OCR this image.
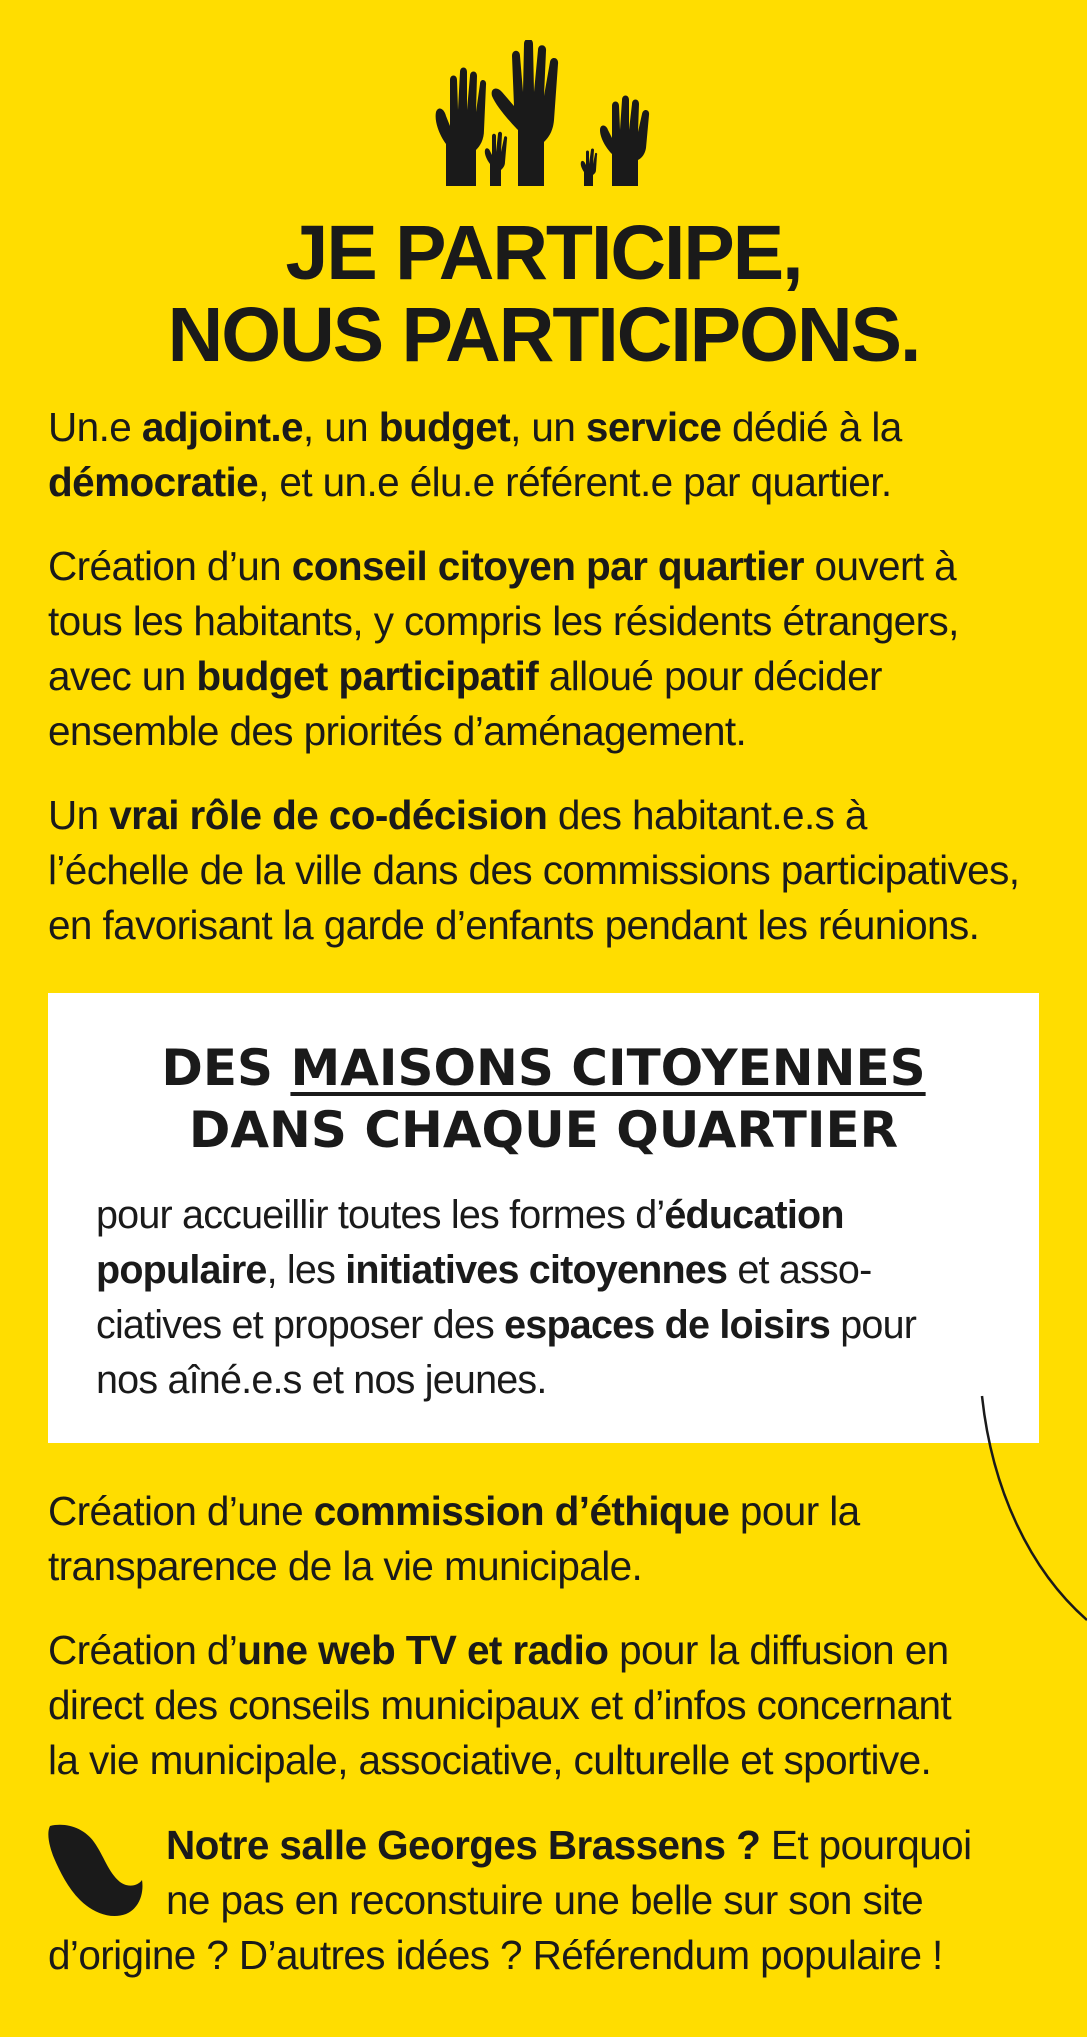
JE PARTICIPE,
NOUS PARTICIPONS.
Un.e adjoint.e, un budget, un service dédié à la
démocratie, et un.e élu.e référent.e par quartier.
Création d’un conseil citoyen par quartier ouvert à
tous les habitants, y compris les résidents étrangers,
avec un budget participatif alloué pour décider
ensemble des priorités d’aménagement.
Un vrai rôle de co-décision des habitant.e.s à
l’échelle de la ville dans des commissions participatives,
en favorisant la garde d’enfants pendant les réunions.
DES MAISONS CITOYENNES
DANS CHAQUE QUARTIER
pour accueillir toutes les formes d’éducation
populaire, les initiatives citoyennes et asso-
ciatives et proposer des espaces de loisirs pour
nos aîné.e.s et nos jeunes.
Création d’une commission d’éthique pour la
transparence de la vie municipale.
Création d’une web TV et radio pour la diffusion en
direct des conseils municipaux et d’infos concernant
la vie municipale, associative, culturelle et sportive.
Notre salle Georges Brassens ? Et pourquoi
ne pas en reconstuire une belle sur son site
d’origine ? D’autres idées ? Référendum populaire !
